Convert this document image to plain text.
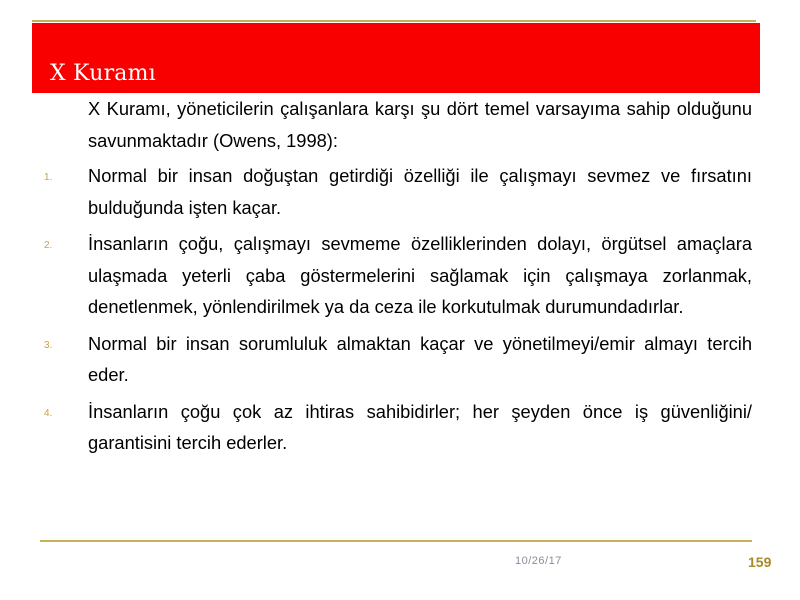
X Kuramı

X Kuramı, yöneticilerin çalışanlara karşı şu dört temel varsayıma sahip olduğunu savunmaktadır (Owens, 1998):

1.	Normal bir insan doğuştan getirdiği özelliği ile çalışmayı sevmez ve fırsatını bulduğunda işten kaçar.
2.	İnsanların çoğu, çalışmayı sevmeme özelliklerinden dolayı, örgütsel amaçlara ulaşmada yeterli çaba göstermelerini sağlamak için çalışmaya zorlanmak, denetlenmek, yönlendirilmek ya da ceza ile korkutulmak durumundadırlar.
3.	Normal bir insan sorumluluk almaktan kaçar ve yönetilmeyi/emir almayı tercih eder.
4.	İnsanların çoğu çok az ihtiras sahibidirler; her şeyden önce iş güvenliğini/ garantisini tercih ederler.
10/26/17	159
